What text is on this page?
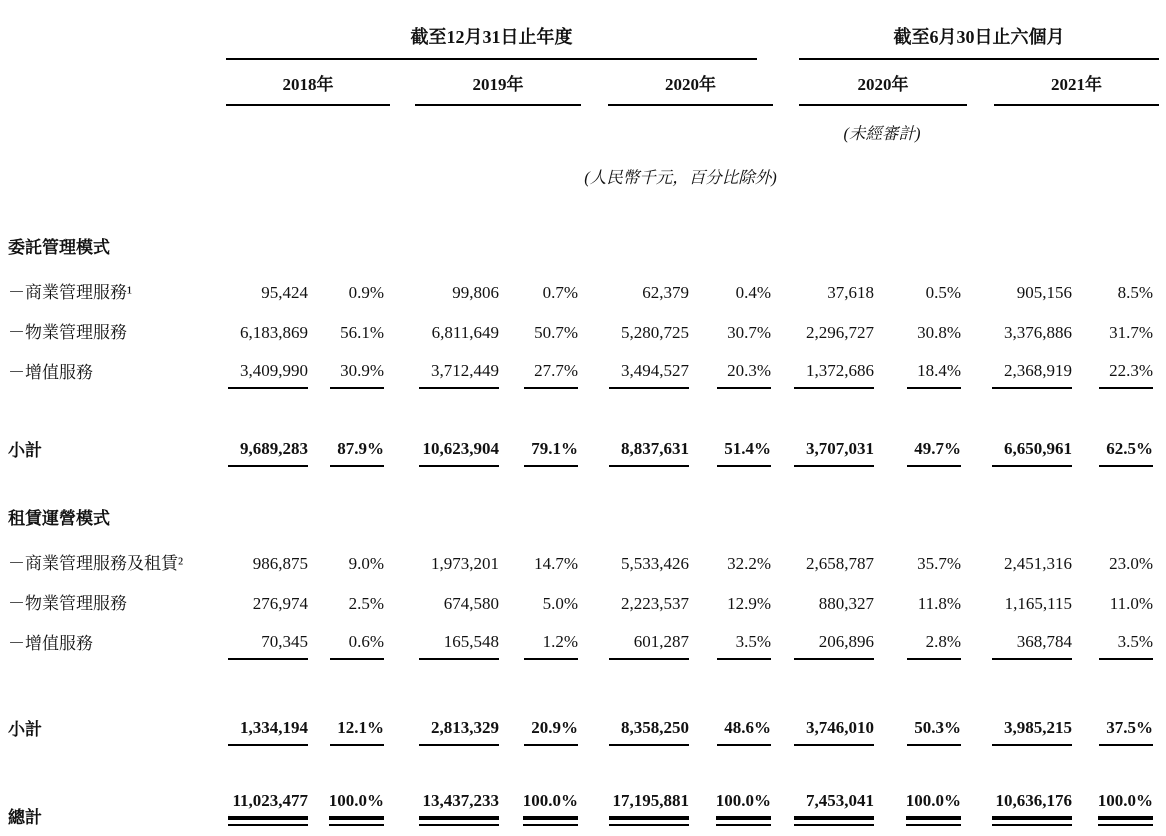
	截至12月31日止年度						截至6月30日止六個月			

	2018年		2019年		2020年		2020年		2021年	

							(未經審計)			

					(人民幣千元，百分比除外)					

委託管理模式										
－商業管理服務¹	95,424	0.9%	99,806	0.7%	62,379	0.4%	37,618	0.5%	905,156	8.5%
－物業管理服務	6,183,869	56.1%	6,811,649	50.7%	5,280,725	30.7%	2,296,727	30.8%	3,376,886	31.7%
－增值服務	3,409,990	30.9%	3,712,449	27.7%	3,494,527	20.3%	1,372,686	18.4%	2,368,919	22.3%
小計	9,689,283	87.9%	10,623,904	79.1%	8,837,631	51.4%	3,707,031	49.7%	6,650,961	62.5%
租賃運營模式										
－商業管理服務及租賃²	986,875	9.0%	1,973,201	14.7%	5,533,426	32.2%	2,658,787	35.7%	2,451,316	23.0%
－物業管理服務	276,974	2.5%	674,580	5.0%	2,223,537	12.9%	880,327	11.8%	1,165,115	11.0%
－增值服務	70,345	0.6%	165,548	1.2%	601,287	3.5%	206,896	2.8%	368,784	3.5%
小計	1,334,194	12.1%	2,813,329	20.9%	8,358,250	48.6%	3,746,010	50.3%	3,985,215	37.5%
總計	11,023,477	100.0%	13,437,233	100.0%	17,195,881	100.0%	7,453,041	100.0%	10,636,176	100.0%
